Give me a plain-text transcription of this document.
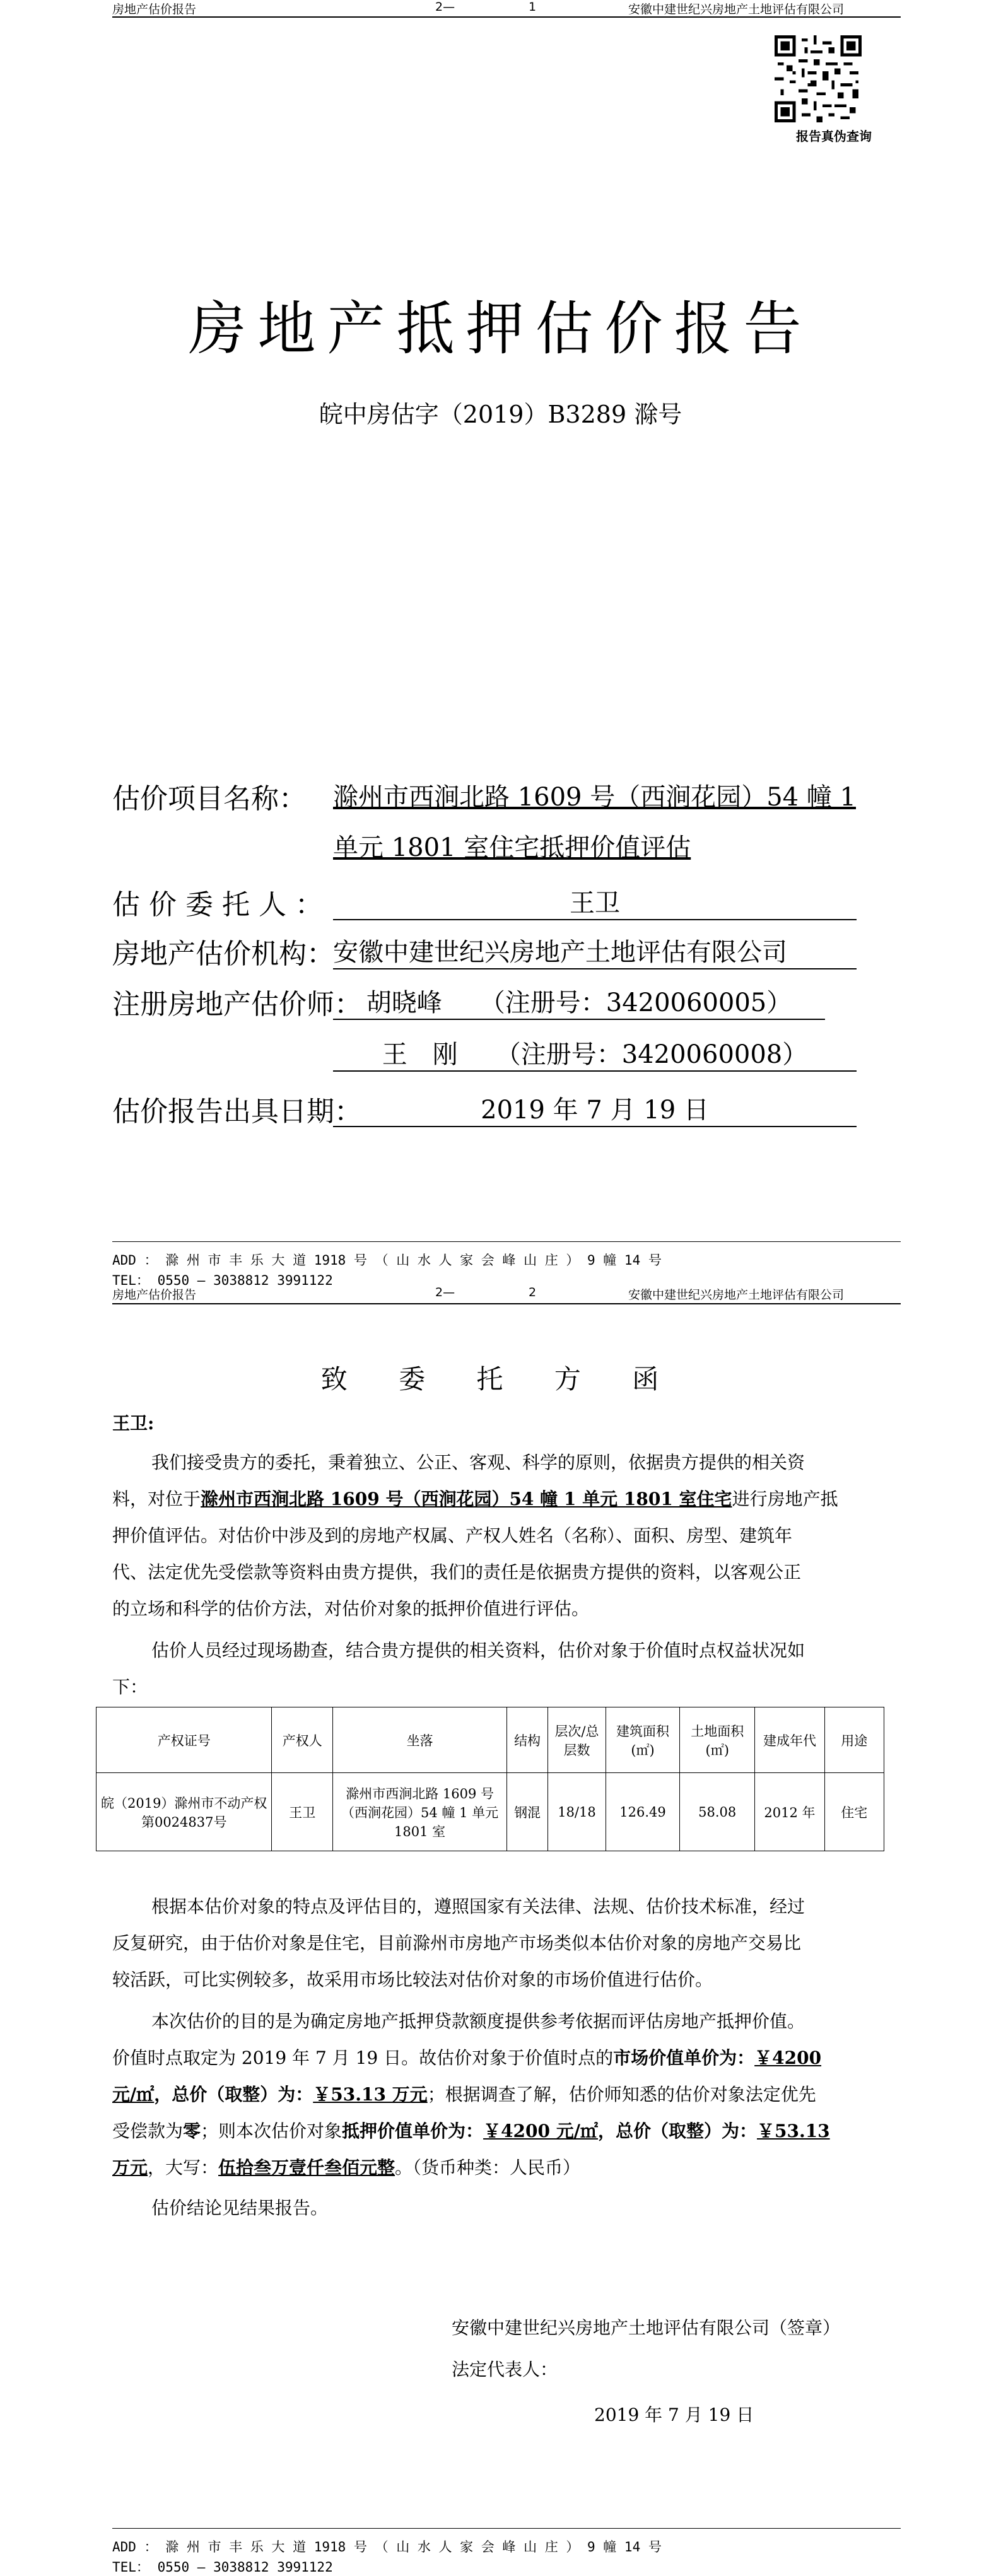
房地产估价报告	2—	1	安徽中建世纪兴房地产土地评估有限公司
报告真伪查询
房地产抵押估价报告
皖中房估字（2019）B3289 滁号
估价项目名称： 滁州市西涧北路 1609 号（西涧花园）54 幢 1
单元 1801 室住宅抵押价值评估
估 价 委 托 人 ：	王卫
房地产估价机构：
安徽中建世纪兴房地产土地评估有限公司
注册房地产估价师： 胡晓峰　　（注册号：3420060005）
王　刚　　（注册号：3420060008）
估价报告出具日期：	2019 年 7 月 19 日
ADD ： 滁 州 市 丰 乐 大 道 1918 号 （ 山 水 人 家 会 峰 山 庄 ） 9 幢 14 号
TEL： 0550 — 3038812 3991122
房地产估价报告	2—	2	安徽中建世纪兴房地产土地评估有限公司
致 委 托 方 函
王卫:
我们接受贵方的委托，秉着独立、公正、客观、科学的原则，依据贵方提供的相关资
料，对位于滁州市西涧北路 1609 号（西涧花园）54 幢 1 单元 1801 室住宅进行房地产抵
押价值评估。对估价中涉及到的房地产权属、产权人姓名（名称）、面积、房型、建筑年
代、法定优先受偿款等资料由贵方提供，我们的责任是依据贵方提供的资料，以客观公正
的立场和科学的估价方法，对估价对象的抵押价值进行评估。
估价人员经过现场勘查，结合贵方提供的相关资料，估价对象于价值时点权益状况如
下：
产权证号	产权人	坐落	结构	层次/总层数	建筑面积(㎡)	土地面积(㎡)	建成年代	用途
皖（2019）滁州市不动产权第0024837号	王卫	滁州市西涧北路 1609 号（西涧花园）54 幢 1 单元 1801 室	钢混	18/18	126.49	58.08	2012 年	住宅
根据本估价对象的特点及评估目的，遵照国家有关法律、法规、估价技术标准，经过
反复研究，由于估价对象是住宅，目前滁州市房地产市场类似本估价对象的房地产交易比
较活跃，可比实例较多，故采用市场比较法对估价对象的市场价值进行估价。
本次估价的目的是为确定房地产抵押贷款额度提供参考依据而评估房地产抵押价值。
价值时点取定为 2019 年 7 月 19 日。故估价对象于价值时点的市场价值单价为：￥4200
元/㎡，总价（取整）为：￥53.13 万元；根据调查了解，估价师知悉的估价对象法定优先
受偿款为零；则本次估价对象抵押价值单价为：￥4200 元/㎡，总价（取整）为：￥53.13
万元，大写：伍拾叁万壹仟叁佰元整。（货币种类：人民币）
估价结论见结果报告。
安徽中建世纪兴房地产土地评估有限公司（签章）
法定代表人：
2019 年 7 月 19 日
ADD ： 滁 州 市 丰 乐 大 道 1918 号 （ 山 水 人 家 会 峰 山 庄 ） 9 幢 14 号
TEL： 0550 — 3038812 3991122
